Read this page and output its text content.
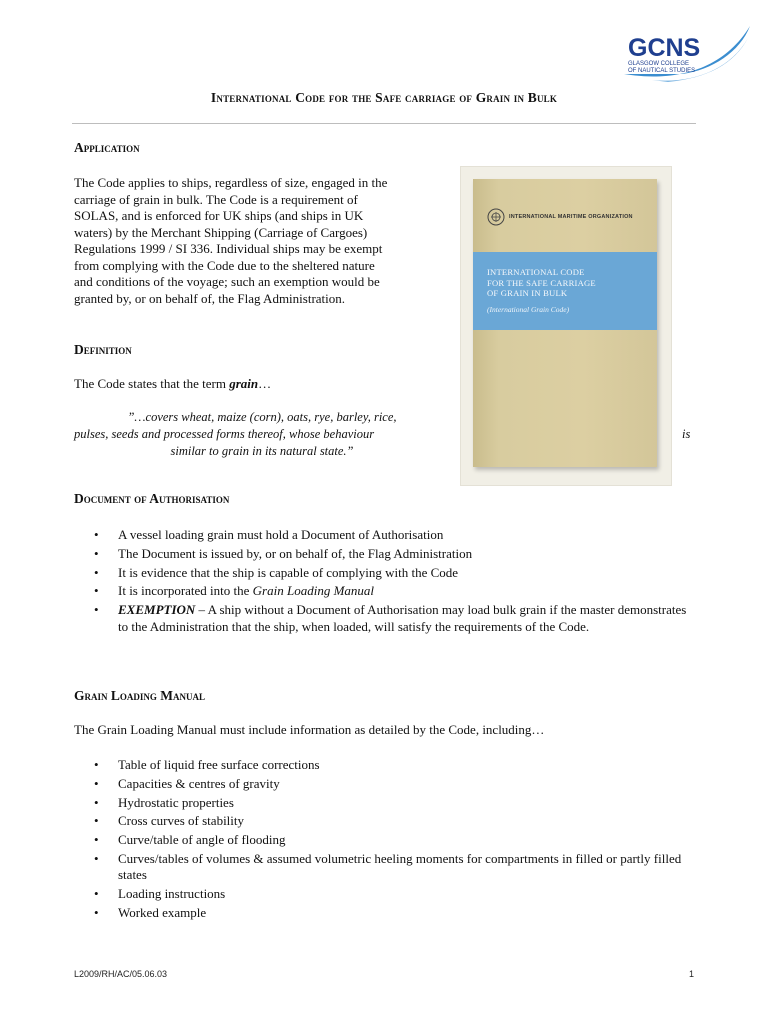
GCNS
GLASGOW COLLEGE
OF NAUTICAL STUDIES
International Code for the Safe carriage of Grain in Bulk
Application
The Code applies to ships, regardless of size, engaged in the
carriage of grain in bulk. The Code is a requirement of
SOLAS, and is enforced for UK ships (and ships in UK
waters) by the Merchant Shipping (Carriage of Cargoes)
Regulations 1999 / SI 336. Individual ships may be exempt
from complying with the Code due to the sheltered nature
and conditions of the voyage; such an exemption would be
granted by, or on behalf of, the Flag Administration.
INTERNATIONAL MARITIME ORGANIZATION
INTERNATIONAL CODE
FOR THE SAFE CARRIAGE
OF GRAIN IN BULK
(International Grain Code)
Definition
The Code states that the term grain…
”…covers wheat, maize (corn), oats, rye, barley, rice,
pulses, seeds and processed forms thereof, whose behaviour	is
similar to grain in its natural state.”
Document of Authorisation
• A vessel loading grain must hold a Document of Authorisation
• The Document is issued by, or on behalf of, the Flag Administration
• It is evidence that the ship is capable of complying with the Code
• It is incorporated into the Grain Loading Manual
• EXEMPTION – A ship without a Document of Authorisation may load bulk grain if the master demonstrates to the Administration that the ship, when loaded, will satisfy the requirements of the Code.
Grain Loading Manual
The Grain Loading Manual must include information as detailed by the Code, including…
• Table of liquid free surface corrections
• Capacities & centres of gravity
• Hydrostatic properties
• Cross curves of stability
• Curve/table of angle of flooding
• Curves/tables of volumes & assumed volumetric heeling moments for compartments in filled or partly filled states
• Loading instructions
• Worked example
L2009/RH/AC/05.06.03	1
